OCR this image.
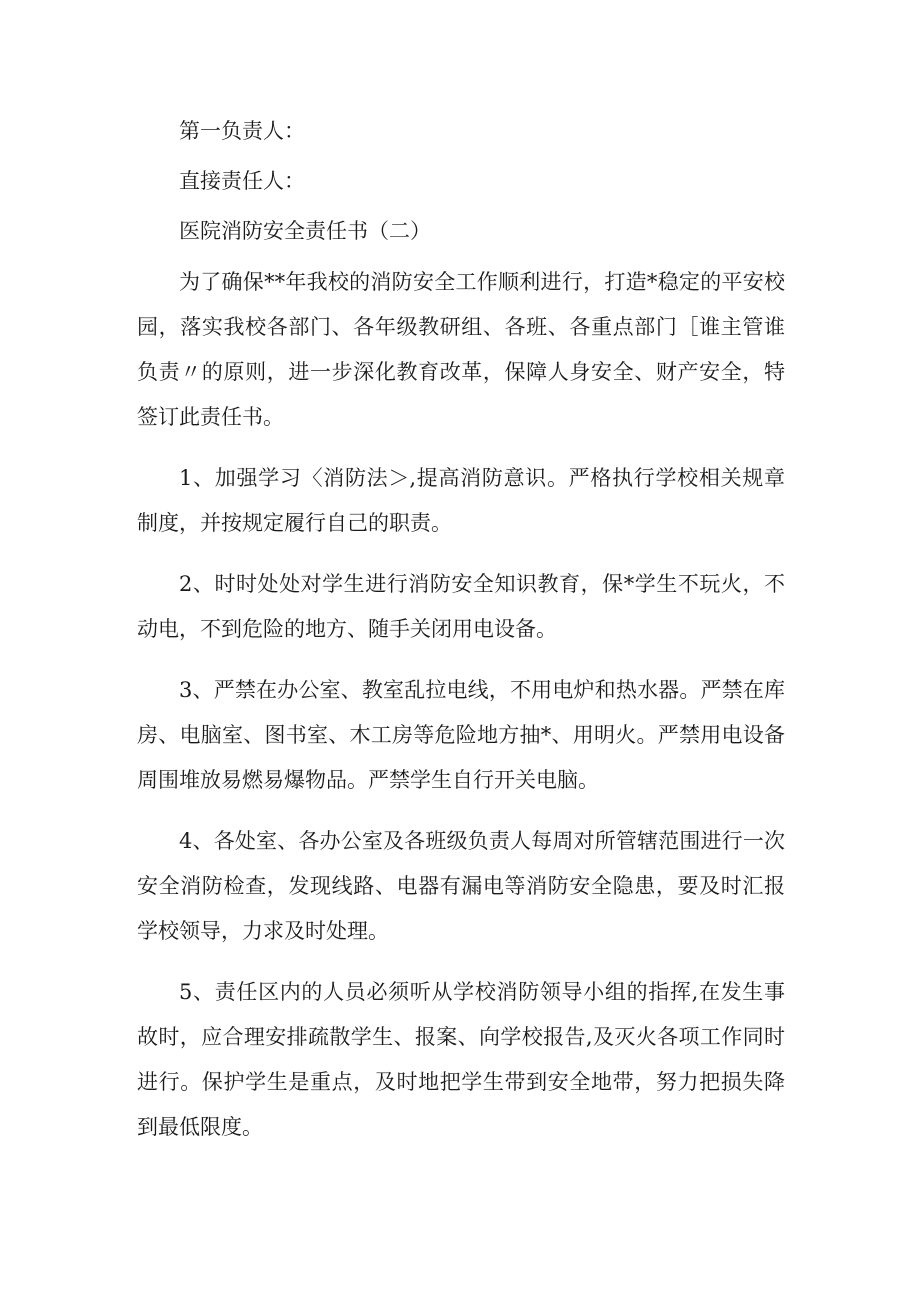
第一负责人：

直接责任人：

医院消防安全责任书（二）

为了确保**年我校的消防安全工作顺利进行，打造*稳定的平安校园，落实我校各部门、各年级教研组、各班、各重点部门［谁主管谁负责〃的原则，进一步深化教育改革，保障人身安全、财产安全，特签订此责任书。

1、加强学习〈消防法＞,提高消防意识。严格执行学校相关规章制度，并按规定履行自己的职责。

2、时时处处对学生进行消防安全知识教育，保*学生不玩火，不动电，不到危险的地方、随手关闭用电设备。

3、严禁在办公室、教室乱拉电线，不用电炉和热水器。严禁在库房、电脑室、图书室、木工房等危险地方抽*、用明火。严禁用电设备周围堆放易燃易爆物品。严禁学生自行开关电脑。

4、各处室、各办公室及各班级负责人每周对所管辖范围进行一次安全消防检查，发现线路、电器有漏电等消防安全隐患，要及时汇报学校领导，力求及时处理。

5、责任区内的人员必须听从学校消防领导小组的指挥,在发生事故时，应合理安排疏散学生、报案、向学校报告,及灭火各项工作同时进行。保护学生是重点，及时地把学生带到安全地带，努力把损失降到最低限度。
